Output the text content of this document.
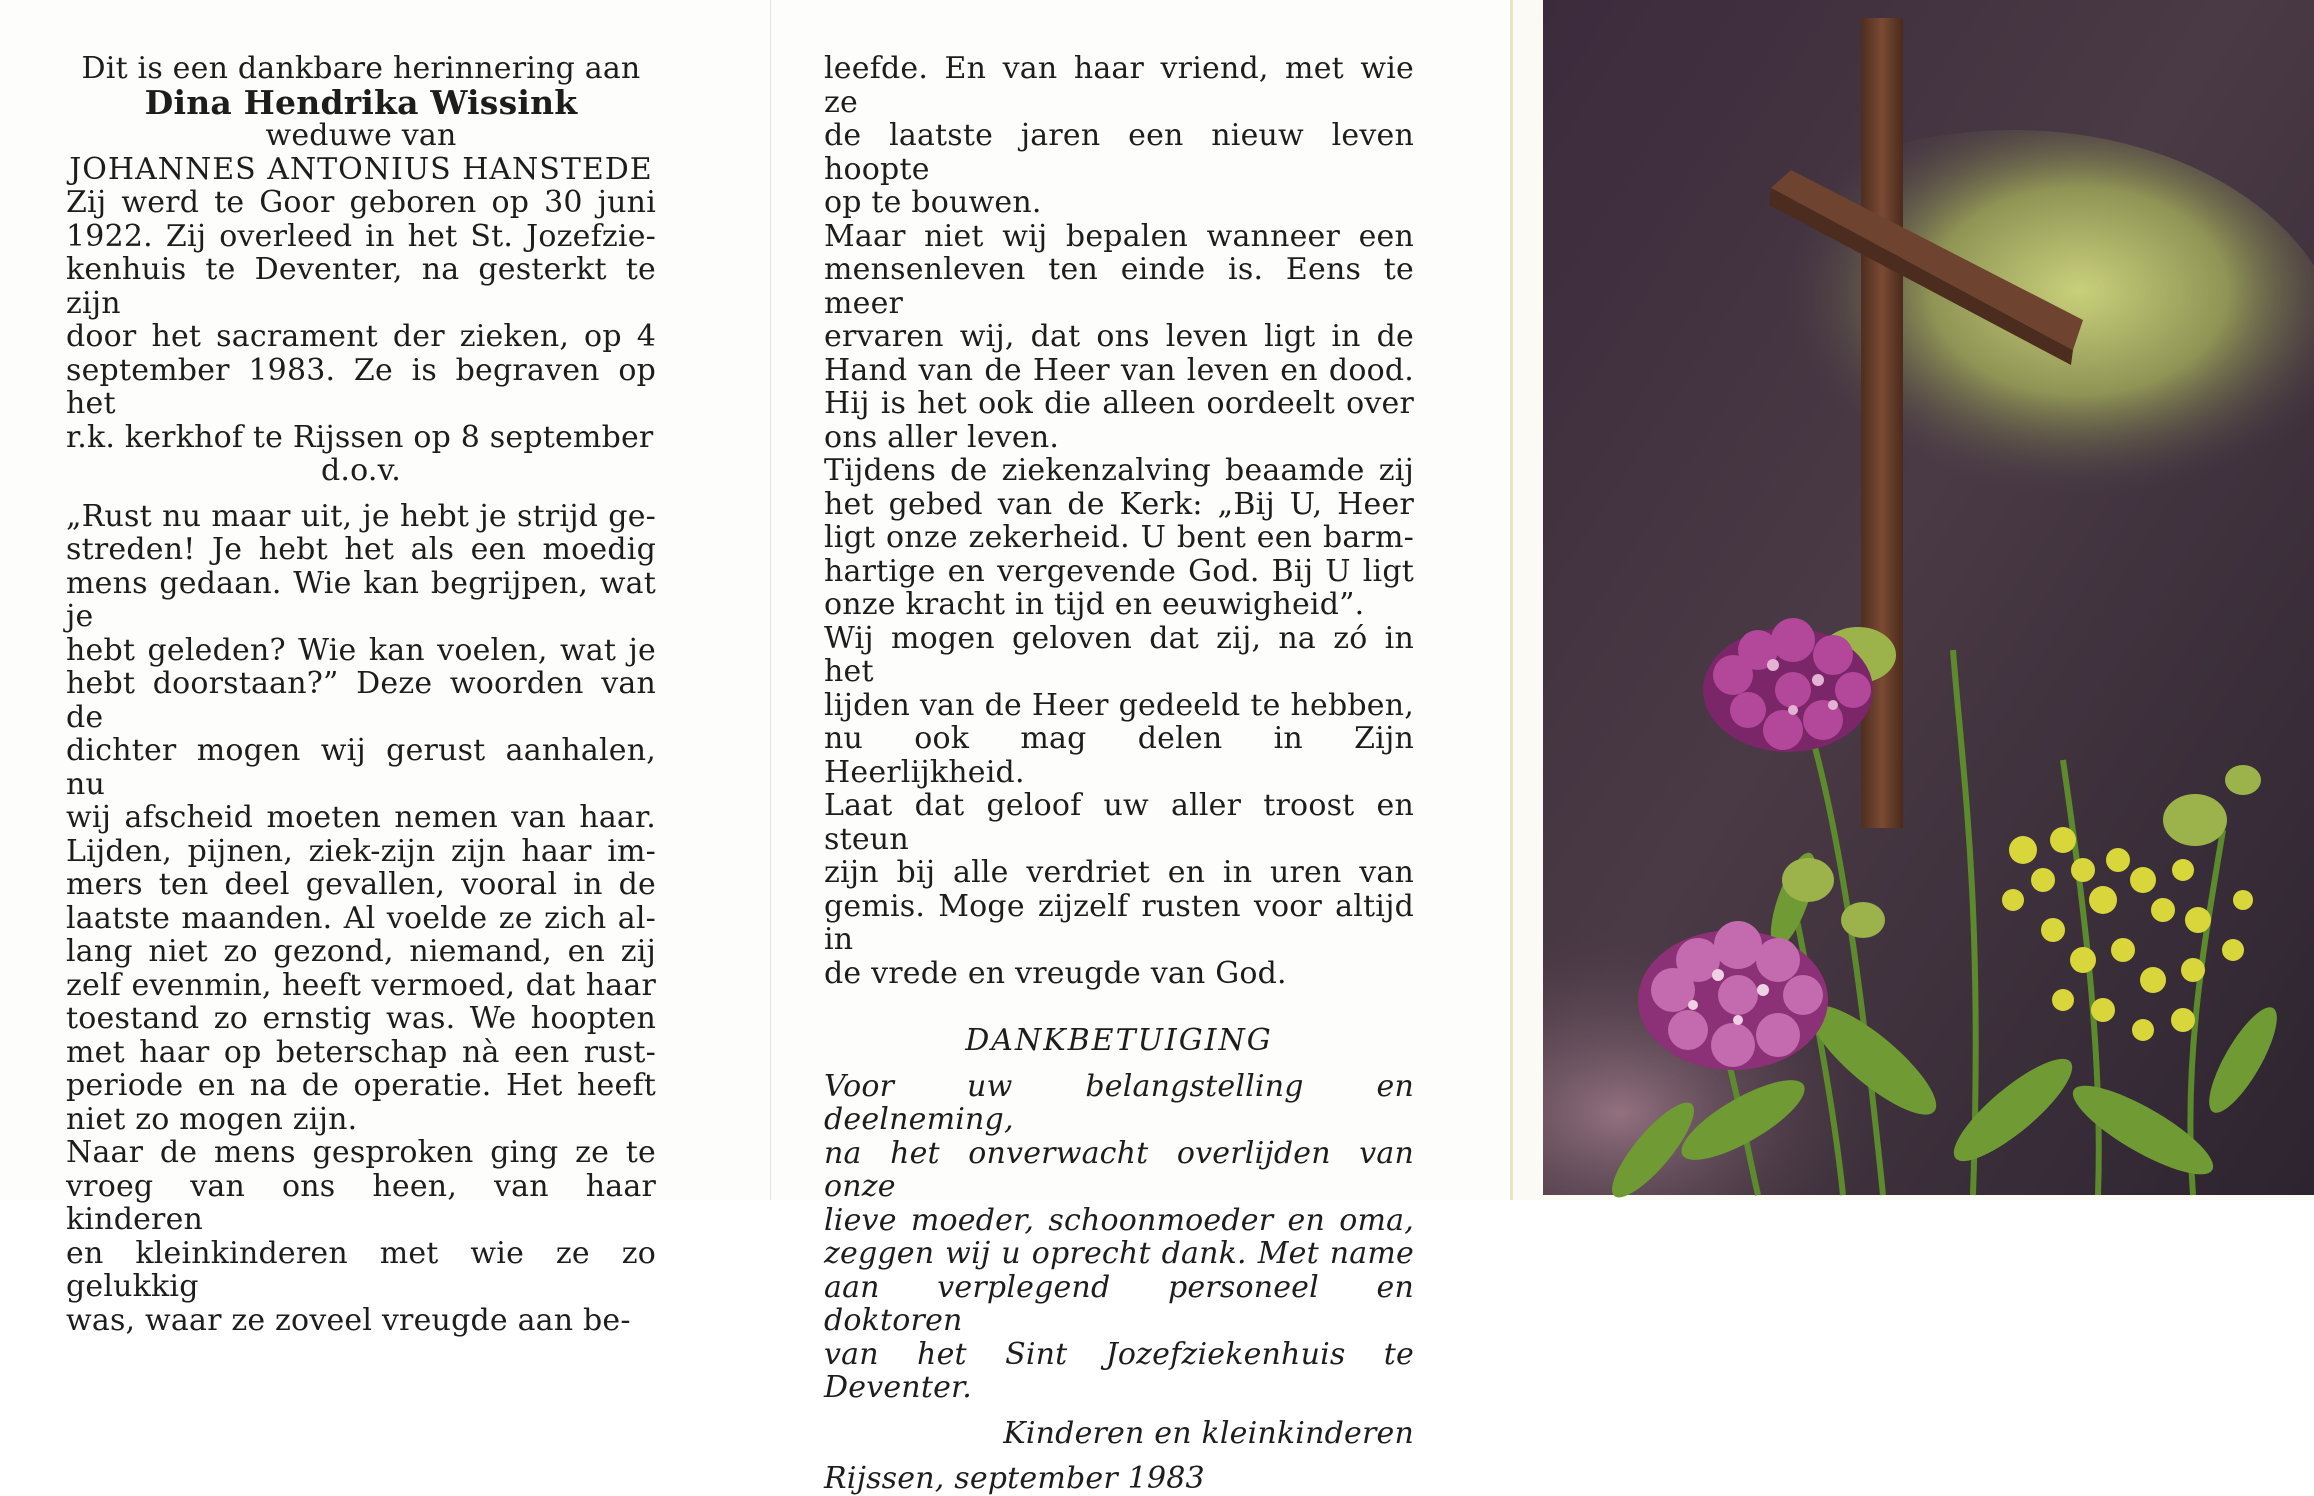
Dit is een dankbare herinnering aan
Dina Hendrika Wissink
weduwe van
JOHANNES ANTONIUS HANSTEDE
Zij werd te Goor geboren op 30 juni
1922. Zij overleed in het St. Jozefzie-
kenhuis te Deventer, na gesterkt te zijn
door het sacrament der zieken, op 4
september 1983. Ze is begraven op het
r.k. kerkhof te Rijssen op 8 september
d.o.v.
„Rust nu maar uit, je hebt je strijd ge-
streden! Je hebt het als een moedig
mens gedaan. Wie kan begrijpen, wat je
hebt geleden? Wie kan voelen, wat je
hebt doorstaan?” Deze woorden van de
dichter mogen wij gerust aanhalen, nu
wij afscheid moeten nemen van haar.
Lijden, pijnen, ziek-zijn zijn haar im-
mers ten deel gevallen, vooral in de
laatste maanden. Al voelde ze zich al-
lang niet zo gezond, niemand, en zij
zelf evenmin, heeft vermoed, dat haar
toestand zo ernstig was. We hoopten
met haar op beterschap nà een rust-
periode en na de operatie. Het heeft
niet zo mogen zijn.
Naar de mens gesproken ging ze te
vroeg van ons heen, van haar kinderen
en kleinkinderen met wie ze zo gelukkig
was, waar ze zoveel vreugde aan be-
leefde. En van haar vriend, met wie ze
de laatste jaren een nieuw leven hoopte
op te bouwen.
Maar niet wij bepalen wanneer een
mensenleven ten einde is. Eens te meer
ervaren wij, dat ons leven ligt in de
Hand van de Heer van leven en dood.
Hij is het ook die alleen oordeelt over
ons aller leven.
Tijdens de ziekenzalving beaamde zij
het gebed van de Kerk: „Bij U, Heer
ligt onze zekerheid. U bent een barm-
hartige en vergevende God. Bij U ligt
onze kracht in tijd en eeuwigheid”.
Wij mogen geloven dat zij, na zó in het
lijden van de Heer gedeeld te hebben,
nu ook mag delen in Zijn Heerlijkheid.
Laat dat geloof uw aller troost en steun
zijn bij alle verdriet en in uren van
gemis. Moge zijzelf rusten voor altijd in
de vrede en vreugde van God.
DANKBETUIGING
Voor uw belangstelling en deelneming,
na het onverwacht overlijden van onze
lieve moeder, schoonmoeder en oma,
zeggen wij u oprecht dank. Met name
aan verplegend personeel en doktoren
van het Sint Jozefziekenhuis te Deventer.
Kinderen en kleinkinderen
Rijssen, september 1983
